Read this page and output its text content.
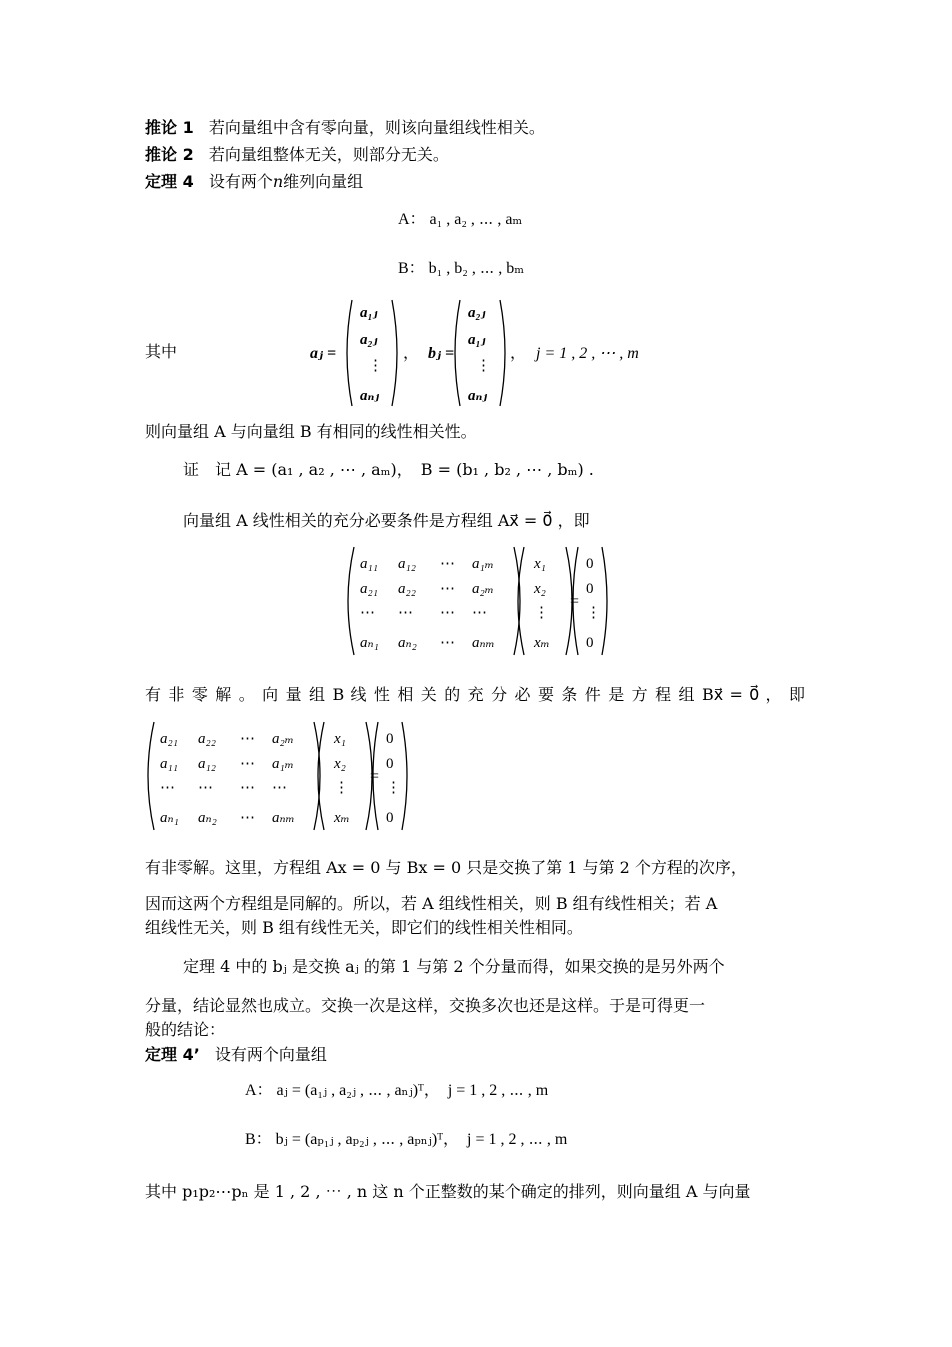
推论 1 若向量组中含有零向量，则该向量组线性相关。
推论 2 若向量组整体无关，则部分无关。
定理 4 设有两个n维列向量组
A： a₁ , a₂ , ⋯ , aₘ
B： b₁ , b₂ , ⋯ , bₘ
其中	aⱼ =
a₁ⱼ
a₂ⱼ
⋮
aₙⱼ
， bⱼ =
a₂ⱼ
a₁ⱼ
⋮
aₙⱼ
， j = 1 , 2 , ⋯ , m
则向量组 A 与向量组 B 有相同的线性相关性。
证　记 A = (a₁ , a₂ , ⋯ , aₘ)，　B = (b₁ , b₂ , ⋯ , bₘ) .
向量组 A 线性相关的充分必要条件是方程组 Ax⃗ = 0⃗ ，即
a₁₁ a₁₂ ⋯ a₁ₘ
a₂₁ a₂₂ ⋯ a₂ₘ
⋯ ⋯ ⋯ ⋯
aₙ₁ aₙ₂ ⋯ aₙₘ
x₁
x₂
⋮
xₘ
=
0
0
⋮
0
有 非 零 解 。 向 量 组 B 线 性 相 关 的 充 分 必 要 条 件 是 方 程 组 Bx⃗ = 0⃗ ， 即
a₂₁ a₂₂ ⋯ a₂ₘ
a₁₁ a₁₂ ⋯ a₁ₘ
⋯ ⋯ ⋯ ⋯
aₙ₁ aₙ₂ ⋯ aₙₘ
x₁
x₂
⋮
xₘ
=
0
0
⋮
0
有非零解。这里，方程组 Ax = 0 与 Bx = 0 只是交换了第 1 与第 2 个方程的次序，
因而这两个方程组是同解的。所以，若 A 组线性相关，则 B 组有线性相关；若 A
组线性无关，则 B 组有线性无关，即它们的线性相关性相同。
定理 4 中的 bⱼ 是交换 aⱼ 的第 1 与第 2 个分量而得，如果交换的是另外两个
分量，结论显然也成立。交换一次是这样，交换多次也还是这样。于是可得更一
般的结论：
定理 4’ 设有两个向量组
A： aⱼ = (a₁ⱼ , a₂ⱼ , ⋯ , aₙⱼ)ᵀ，　j = 1 , 2 , ⋯ , m
B： bⱼ = (aₚ₁ⱼ , aₚ₂ⱼ , ⋯ , aₚₙⱼ)ᵀ，　j = 1 , 2 , ⋯ , m
其中 p₁p₂⋯pₙ 是 1 , 2 , ⋯ , n 这 n 个正整数的某个确定的排列，则向量组 A 与向量
